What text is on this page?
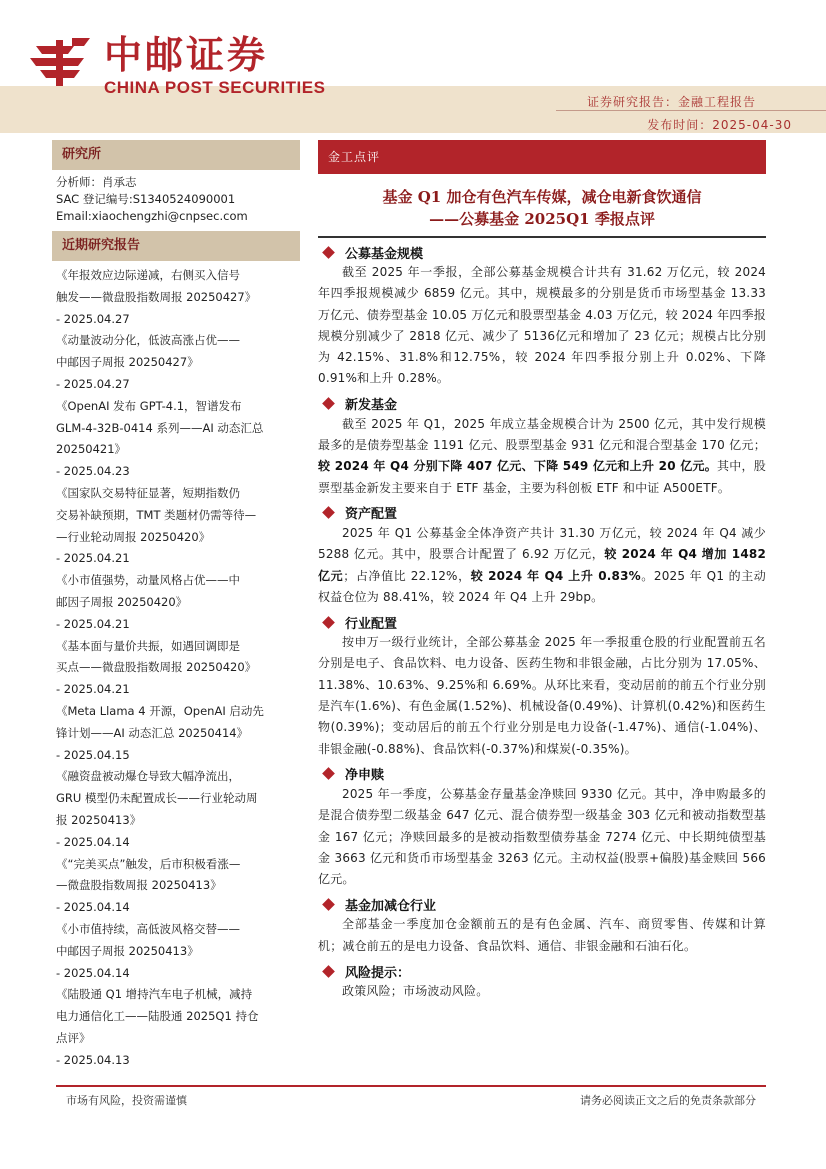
证券研究报告：金融工程报告
发布时间：2025-04-30
中邮证券
CHINA POST SECURITIES
研究所
分析师：肖承志
SAC 登记编号:S1340524090001
Email:xiaochengzhi@cnpsec.com
近期研究报告
《年报效应边际递减，右侧买入信号
触发——微盘股指数周报 20250427》
- 2025.04.27
《动量波动分化，低波高涨占优——
中邮因子周报 20250427》
- 2025.04.27
《OpenAI 发布 GPT-4.1，智谱发布
GLM-4-32B-0414 系列——AI 动态汇总
20250421》
- 2025.04.23
《国家队交易特征显著，短期指数仍
交易补缺预期，TMT 类题材仍需等待—
—行业轮动周报 20250420》
- 2025.04.21
《小市值强势，动量风格占优——中
邮因子周报 20250420》
- 2025.04.21
《基本面与量价共振，如遇回调即是
买点——微盘股指数周报 20250420》
- 2025.04.21
《Meta Llama 4 开源，OpenAI 启动先
锋计划——AI 动态汇总 20250414》
- 2025.04.15
《融资盘被动爆仓导致大幅净流出，
GRU 模型仍未配置成长——行业轮动周
报 20250413》
- 2025.04.14
《“完美买点”触发，后市积极看涨—
—微盘股指数周报 20250413》
- 2025.04.14
《小市值持续，高低波风格交替——
中邮因子周报 20250413》
- 2025.04.14
《陆股通 Q1 增持汽车电子机械，减持
电力通信化工——陆股通 2025Q1 持仓
点评》
- 2025.04.13
金工点评
基金 Q1 加仓有色汽车传媒，减仓电新食饮通信
——公募基金 2025Q1 季报点评
公募基金规模

截至 2025 年一季报，全部公募基金规模合计共有 31.62 万亿元，较 2024 年四季报规模减少 6859 亿元。其中，规模最多的分别是货币市场型基金 13.33 万亿元、债券型基金 10.05 万亿元和股票型基金 4.03 万亿元，较 2024 年四季报规模分别减少了 2818 亿元、减少了 5136亿元和增加了 23 亿元；规模占比分别为 42.15%、31.8%和12.75%，较 2024 年四季报分别上升 0.02%、下降 0.91%和上升 0.28%。

新发基金

截至 2025 年 Q1，2025 年成立基金规模合计为 2500 亿元，其中发行规模最多的是债券型基金 1191 亿元、股票型基金 931 亿元和混合型基金 170 亿元；较 2024 年 Q4 分别下降 407 亿元、下降 549 亿元和上升 20 亿元。其中，股票型基金新发主要来自于 ETF 基金，主要为科创板 ETF 和中证 A500ETF。

资产配置

2025 年 Q1 公募基金全体净资产共计 31.30 万亿元，较 2024 年 Q4 减少 5288 亿元。其中，股票合计配置了 6.92 万亿元，较 2024 年 Q4 增加 1482 亿元；占净值比 22.12%，较 2024 年 Q4 上升 0.83%。2025 年 Q1 的主动权益仓位为 88.41%，较 2024 年 Q4 上升 29bp。

行业配置

按申万一级行业统计，全部公募基金 2025 年一季报重仓股的行业配置前五名分别是电子、食品饮料、电力设备、医药生物和非银金融，占比分别为 17.05%、11.38%、10.63%、9.25%和 6.69%。从环比来看，变动居前的前五个行业分别是汽车(1.6%)、有色金属(1.52%)、机械设备(0.49%)、计算机(0.42%)和医药生物(0.39%)；变动居后的前五个行业分别是电力设备(-1.47%)、通信(-1.04%)、非银金融(-0.88%)、食品饮料(-0.37%)和煤炭(-0.35%)。

净申赎

2025 年一季度，公募基金存量基金净赎回 9330 亿元。其中，净申购最多的是混合债券型二级基金 647 亿元、混合债券型一级基金 303 亿元和被动指数型基金 167 亿元；净赎回最多的是被动指数型债券基金 7274 亿元、中长期纯债型基金 3663 亿元和货币市场型基金 3263 亿元。主动权益(股票+偏股)基金赎回 566 亿元。

基金加减仓行业

全部基金一季度加仓金额前五的是有色金属、汽车、商贸零售、传媒和计算机；减仓前五的是电力设备、食品饮料、通信、非银金融和石油石化。

风险提示：

政策风险；市场波动风险。

市场有风险，投资需谨慎	请务必阅读正文之后的免责条款部分
